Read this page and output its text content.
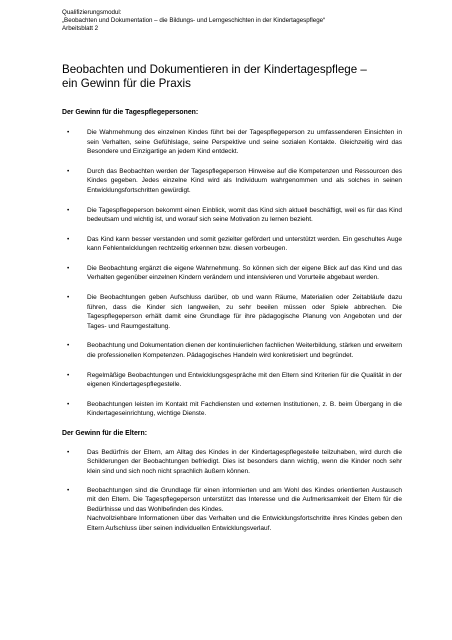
Qualifizierungsmodul:
„Beobachten und Dokumentation – die Bildungs- und Lerngeschichten in der Kindertagespflege“
Arbeitsblatt 2
Beobachten und Dokumentieren in der Kindertagespflege –
ein Gewinn für die Praxis
Der Gewinn für die Tagespflegepersonen:
•	Die Wahrnehmung des einzelnen Kindes führt bei der Tagespflegeperson zu umfassenderen Einsichten in sein Verhalten, seine Gefühlslage, seine Perspektive und seine sozialen Kontakte. Gleichzeitig wird das Besondere und Einzigartige an jedem Kind entdeckt.
•	Durch das Beobachten werden der Tagespflegeperson Hinweise auf die Kompetenzen und Ressourcen des Kindes gegeben. Jedes einzelne Kind wird als Individuum wahrgenommen und als solches in seinen Entwicklungsfortschritten gewürdigt.
•	Die Tagespflegeperson bekommt einen Einblick, womit das Kind sich aktuell beschäftigt, weil es für das Kind bedeutsam und wichtig ist, und worauf sich seine Motivation zu lernen bezieht.
•	Das Kind kann besser verstanden und somit gezielter gefördert und unterstützt werden. Ein geschultes Auge kann Fehlentwicklungen rechtzeitig erkennen bzw. diesen vorbeugen.
•	Die Beobachtung ergänzt die eigene Wahrnehmung. So können sich der eigene Blick auf das Kind und das Verhalten gegenüber einzelnen Kindern verändern und intensivieren und Vorurteile abgebaut werden.
•	Die Beobachtungen geben Aufschluss darüber, ob und wann Räume, Materialien oder Zeitabläufe dazu führen, dass die Kinder sich langweilen, zu sehr beeilen müssen oder Spiele abbrechen. Die Tagespflegeperson erhält damit eine Grundlage für ihre pädagogische Planung von Angeboten und der Tages- und Raumgestaltung.
•	Beobachtung und Dokumentation dienen der kontinuierlichen fachlichen Weiterbildung, stärken und erweitern die professionellen Kompetenzen. Pädagogisches Handeln wird konkretisiert und begründet.
•	Regelmäßige Beobachtungen und Entwicklungsgespräche mit den Eltern sind Kriterien für die Qualität in der eigenen Kindertagespflegestelle.
•	Beobachtungen leisten im Kontakt mit Fachdiensten und externen Institutionen, z. B. beim Übergang in die Kindertageseinrichtung, wichtige Dienste.
Der Gewinn für die Eltern:
•	Das Bedürfnis der Eltern, am Alltag des Kindes in der Kindertagespflegestelle teilzuhaben, wird durch die Schilderungen der Beobachtungen befriedigt. Dies ist besonders dann wichtig, wenn die Kinder noch sehr klein sind und sich noch nicht sprachlich äußern können.
•	Beobachtungen sind die Grundlage für einen informierten und am Wohl des Kindes orientierten Austausch mit den Eltern. Die Tagespflegeperson unterstützt das Interesse und die Aufmerksamkeit der Eltern für die Bedürfnisse und das Wohlbefinden des Kindes.
Nachvollziehbare Informationen über das Verhalten und die Entwicklungsfortschritte ihres Kindes geben den Eltern Aufschluss über seinen individuellen Entwicklungsverlauf.
